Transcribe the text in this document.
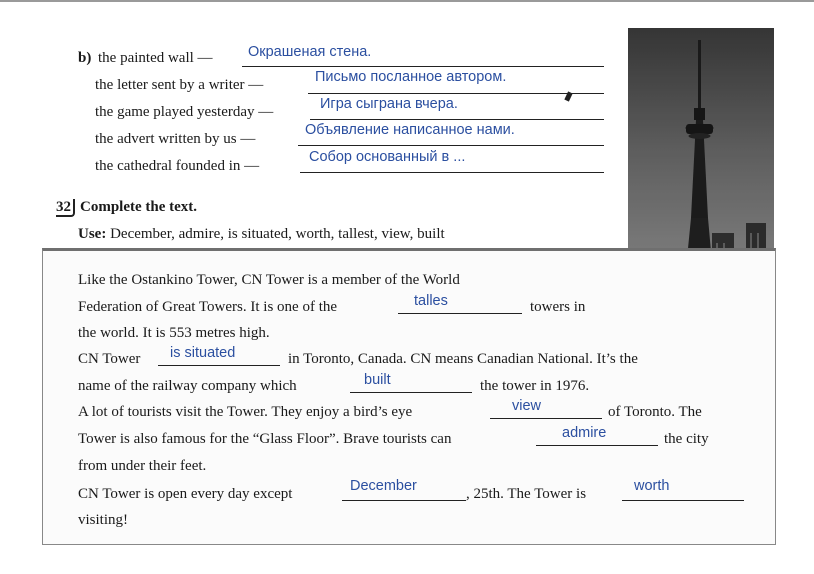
b) the painted wall — Окрашеная стена.
the letter sent by a writer —	Письмо посланное автором.
the game played yesterday —	Игра сыграна вчера.
the advert written by us —
Объявление написанное нами.
the cathedral founded in —
Собор основанный в ...
32 Complete the text.
Use: December, admire, is situated, worth, tallest, view, built
Like the Ostankino Tower, CN Tower is a member of the World
Federation of Great Towers. It is one of the	talles	towers in
the world. It is 553 metres high.
CN Tower is situated	in Toronto, Canada. CN means Canadian National. It’s the
name of the railway company which	built	the tower in 1976.
A lot of tourists visit the Tower. They enjoy a bird’s eye	view	of Toronto. The
Tower is also famous for the “Glass Floor”. Brave tourists can	admire	the city
from under their feet.
CN Tower is open every day except	December	, 25th. The Tower is	worth
visiting!
